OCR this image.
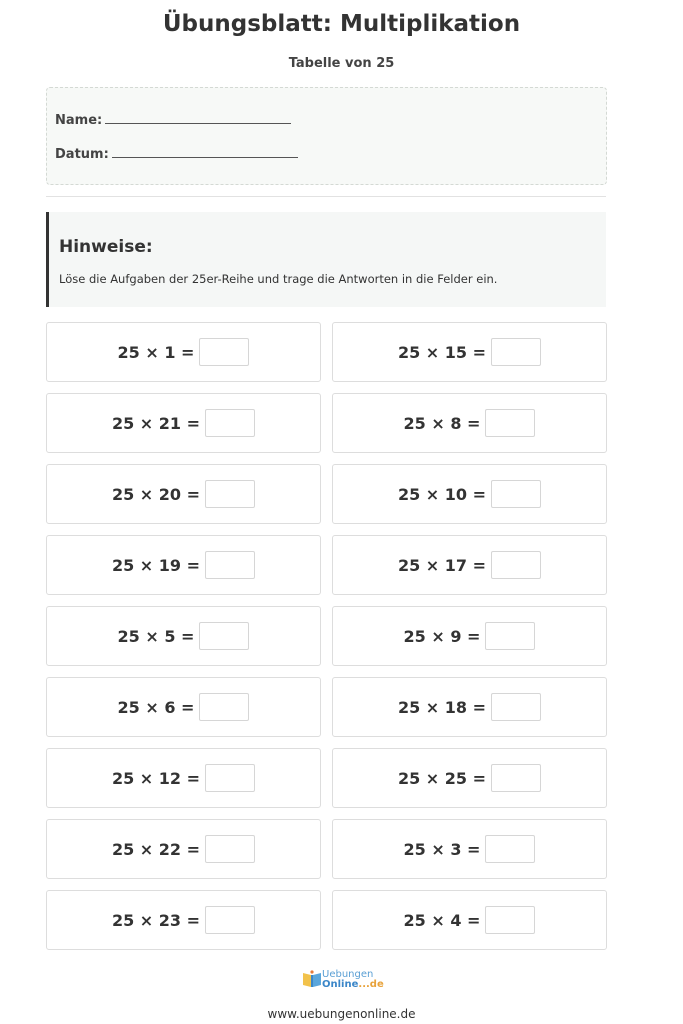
Übungsblatt: Multiplikation
Tabelle von 25
Name:
Datum:
Hinweise:
Löse die Aufgaben der 25er-Reihe und trage die Antworten in die Felder ein.
25 × 1 =	25 × 15 =
25 × 21 =	25 × 8 =
25 × 20 =	25 × 10 =
25 × 19 =	25 × 17 =
25 × 5 =	25 × 9 =
25 × 6 =	25 × 18 =
25 × 12 =	25 × 25 =
25 × 22 =	25 × 3 =
25 × 23 =	25 × 4 =
Uebungen
Online...de
www.uebungenonline.de
